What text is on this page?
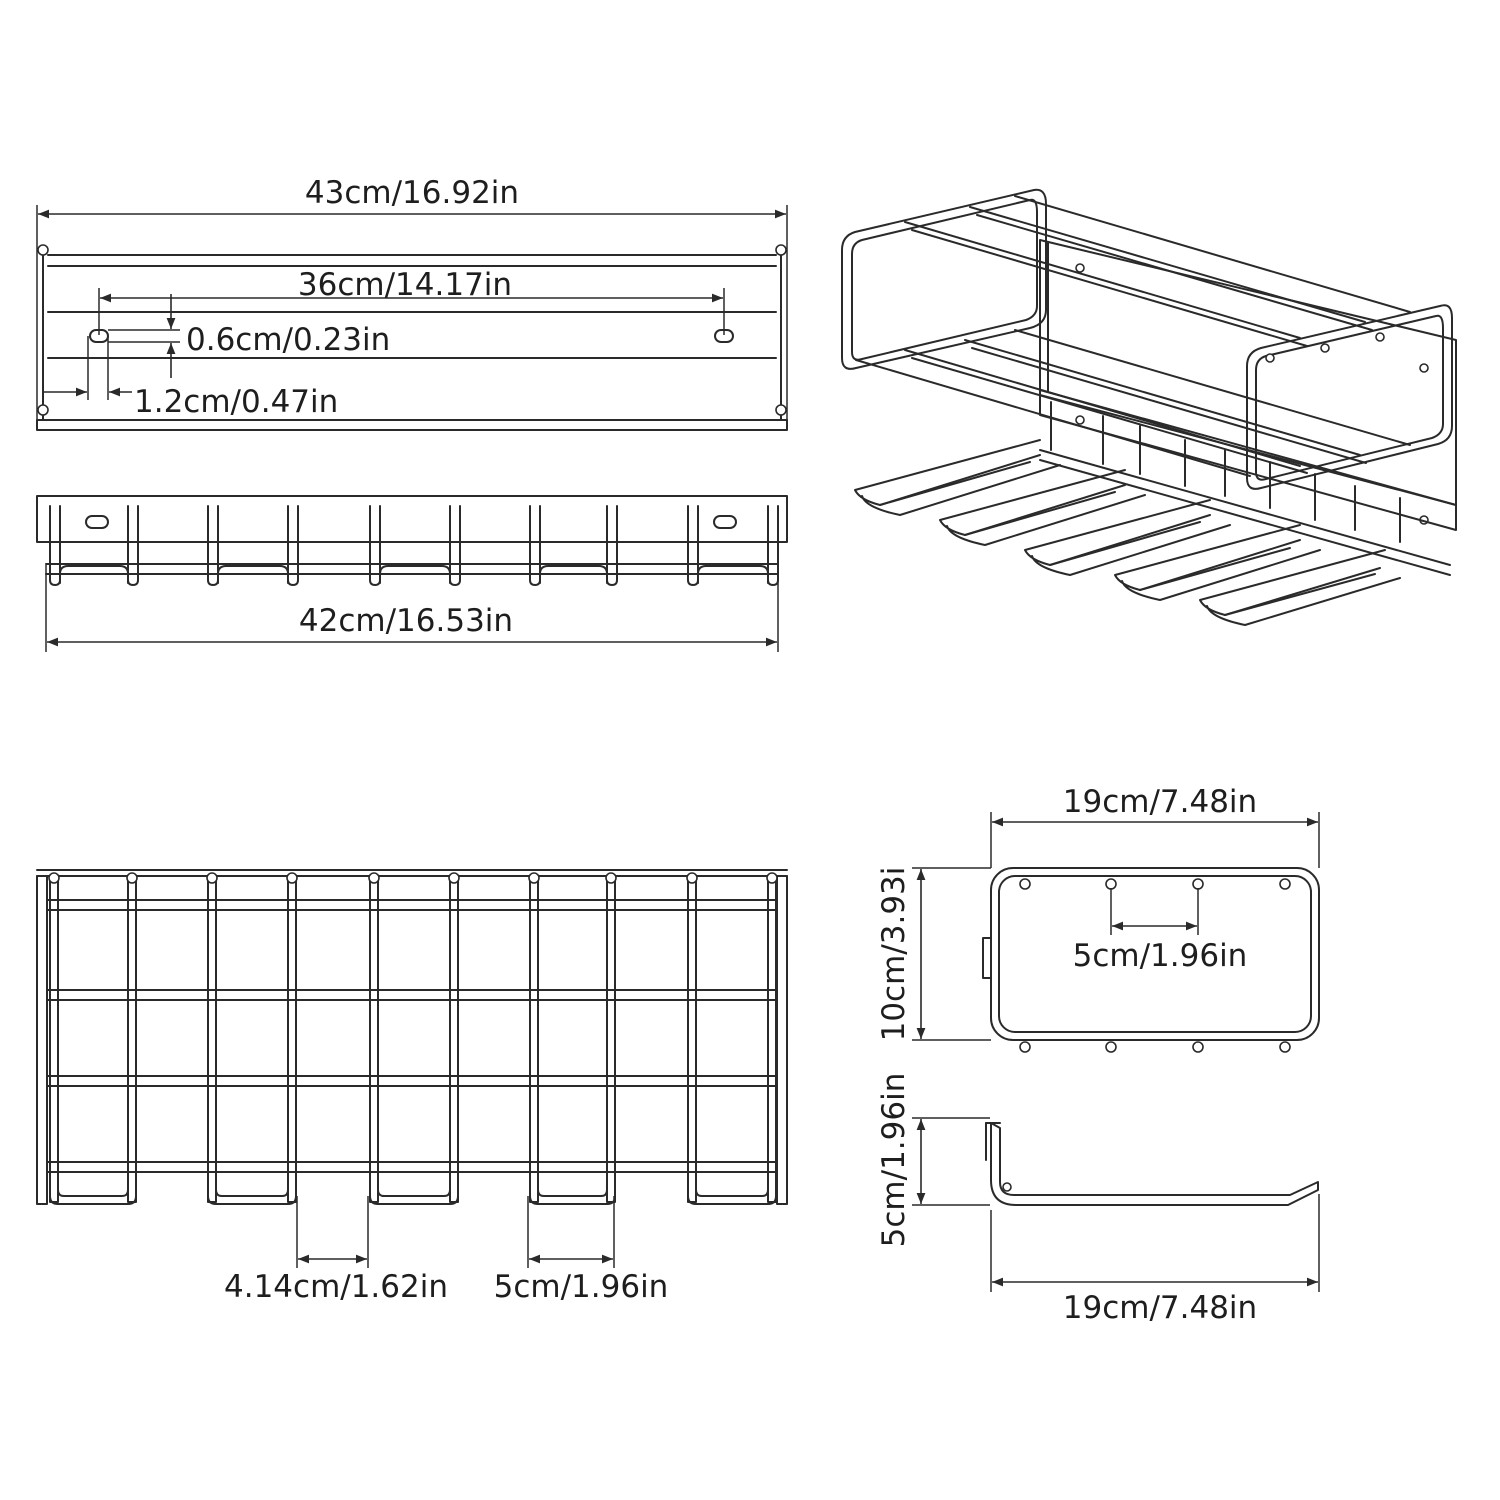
43cm/16.92in
36cm/14.17in
0.6cm/0.23in
1.2cm/0.47in
42cm/16.53in
4.14cm/1.62in 5cm/1.96in
19cm/7.48in
5cm/1.96in
10cm/3.93i
5cm/1.96in
19cm/7.48in
